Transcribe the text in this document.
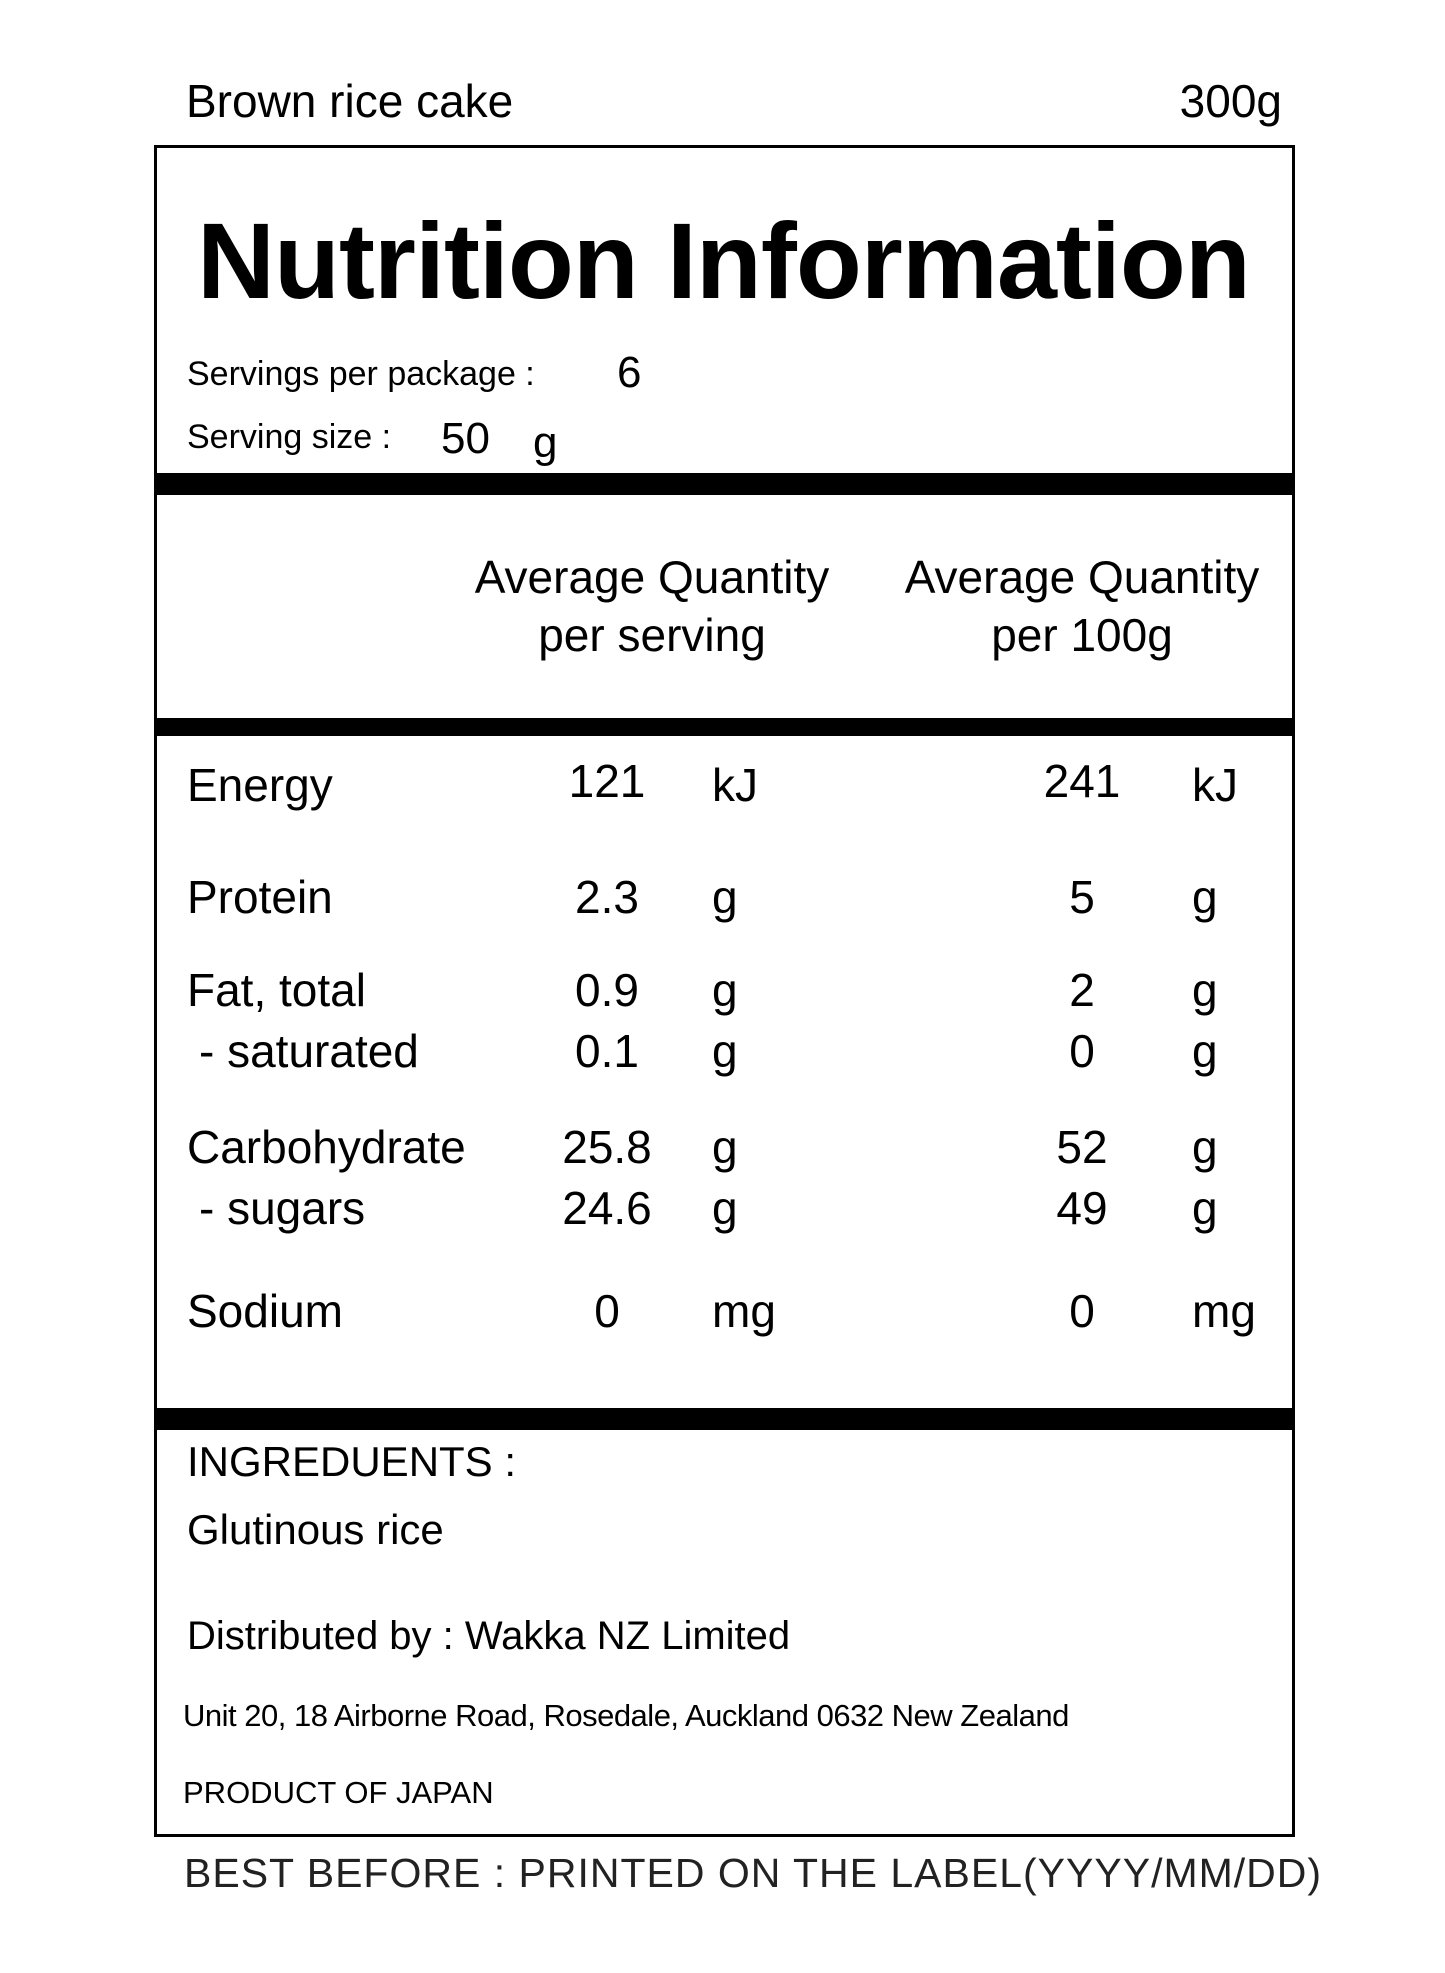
Brown rice cake	300g
Nutrition Information
Servings per package : 6
Serving size : 50 g
Average Quantity
per serving
Average Quantity
per 100g
Energy	121	kJ	241	kJ
Protein	2.3	g	5	g
Fat, total	0.9	g	2	g
- saturated	0.1	g	0	g
Carbohydrate	25.8	g	52	g
- sugars	24.6	g	49	g
Sodium	0	mg	0	mg
INGREDUENTS :
Glutinous rice
Distributed by : Wakka NZ Limited
Unit 20, 18 Airborne Road, Rosedale, Auckland 0632 New Zealand
PRODUCT OF JAPAN
BEST BEFORE : PRINTED ON THE LABEL(YYYY/MM/DD)
